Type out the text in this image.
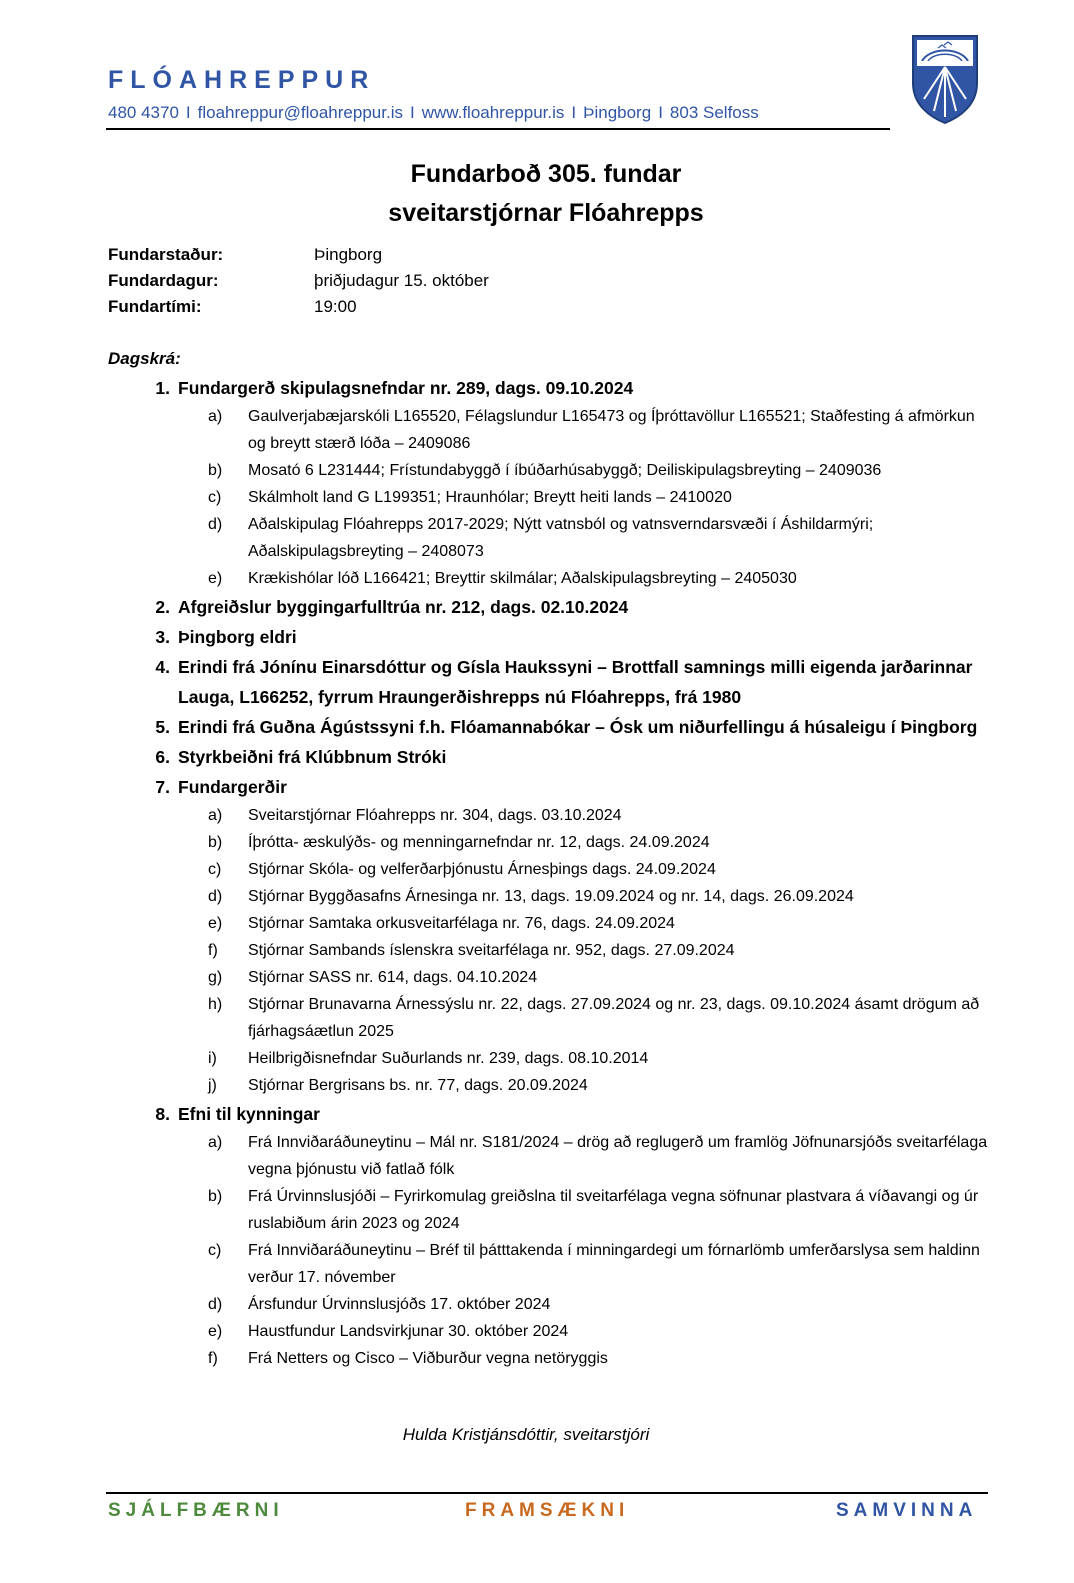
FLÓAHREPPUR
480 4370 I floahreppur@floahreppur.is I www.floahreppur.is I Þingborg I 803 Selfoss
Fundarboð 305. fundar
sveitarstjórnar Flóahrepps
Fundarstaður:	Þingborg
Fundardagur:	þriðjudagur 15. október
Fundartími:	19:00
Dagskrá:
1. Fundargerð skipulagsnefndar nr. 289, dags. 09.10.2024
a)	Gaulverjabæjarskóli L165520, Félagslundur L165473 og Íþróttavöllur L165521; Staðfesting á afmörkun og breytt stærð lóða – 2409086
b)	Mosató 6 L231444; Frístundabyggð í íbúðarhúsabyggð; Deiliskipulagsbreyting – 2409036
c)	Skálmholt land G L199351; Hraunhólar; Breytt heiti lands – 2410020
d)	Aðalskipulag Flóahrepps 2017-2029; Nýtt vatnsból og vatnsverndarsvæði í Áshildarmýri; Aðalskipulagsbreyting – 2408073
e)	Krækishólar lóð L166421; Breyttir skilmálar; Aðalskipulagsbreyting – 2405030
2. Afgreiðslur byggingarfulltrúa nr. 212, dags. 02.10.2024
3. Þingborg eldri
4. Erindi frá Jónínu Einarsdóttur og Gísla Haukssyni – Brottfall samnings milli eigenda jarðarinnar Lauga, L166252, fyrrum Hraungerðishrepps nú Flóahrepps, frá 1980
5. Erindi frá Guðna Ágústssyni f.h. Flóamannabókar – Ósk um niðurfellingu á húsaleigu í Þingborg
6. Styrkbeiðni frá Klúbbnum Stróki
7. Fundargerðir
a)	Sveitarstjórnar Flóahrepps nr. 304, dags. 03.10.2024
b)	Íþrótta- æskulýðs- og menningarnefndar nr. 12, dags. 24.09.2024
c)	Stjórnar Skóla- og velferðarþjónustu Árnesþings dags. 24.09.2024
d)	Stjórnar Byggðasafns Árnesinga nr. 13, dags. 19.09.2024 og nr. 14, dags. 26.09.2024
e)	Stjórnar Samtaka orkusveitarfélaga nr. 76, dags. 24.09.2024
f)	Stjórnar Sambands íslenskra sveitarfélaga nr. 952, dags. 27.09.2024
g)	Stjórnar SASS nr. 614, dags. 04.10.2024
h)	Stjórnar Brunavarna Árnessýslu nr. 22, dags. 27.09.2024 og nr. 23, dags. 09.10.2024 ásamt drögum að fjárhagsáætlun 2025
i)	Heilbrigðisnefndar Suðurlands nr. 239, dags. 08.10.2014
j)	Stjórnar Bergrisans bs. nr. 77, dags. 20.09.2024
8. Efni til kynningar
a)	Frá Innviðaráðuneytinu – Mál nr. S181/2024 – drög að reglugerð um framlög Jöfnunarsjóðs sveitarfélaga vegna þjónustu við fatlað fólk
b)	Frá Úrvinnslusjóði – Fyrirkomulag greiðslna til sveitarfélaga vegna söfnunar plastvara á víðavangi og úr ruslabiðum árin 2023 og 2024
c)	Frá Innviðaráðuneytinu – Bréf til þátttakenda í minningardegi um fórnarlömb umferðarslysa sem haldinn verður 17. nóvember
d)	Ársfundur Úrvinnslusjóðs 17. október 2024
e)	Haustfundur Landsvirkjunar 30. október 2024
f)	Frá Netters og Cisco – Viðburður vegna netöryggis
Hulda Kristjánsdóttir, sveitarstjóri
SJÁLFBÆRNI	FRAMSÆKNI	SAMVINNA
